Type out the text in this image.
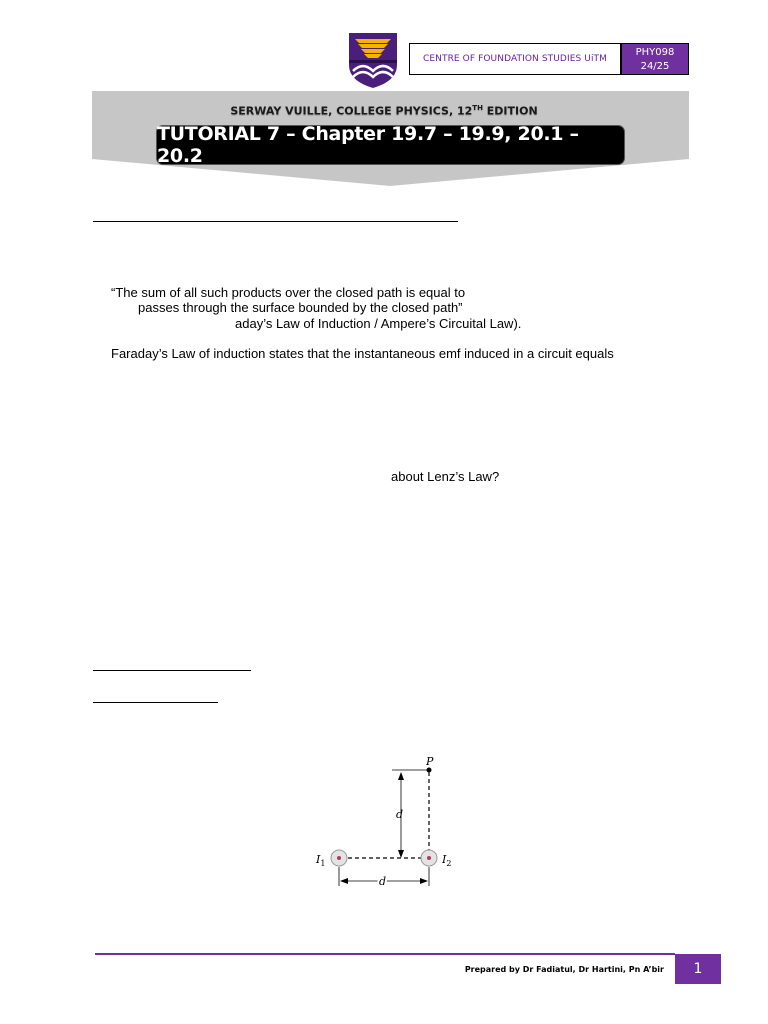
CENTRE OF FOUNDATION STUDIES UiTM
PHY098
24/25
SERWAY VUILLE, COLLEGE PHYSICS, 12TH EDITION
TUTORIAL 7 – Chapter 19.7 – 19.9, 20.1 – 20.2
“The sum of all such products over the closed path is equal to
passes through the surface bounded by the closed path”
aday’s Law of Induction / Ampere’s Circuital Law).
Faraday’s Law of induction states that the instantaneous emf induced in a circuit equals
about Lenz’s Law?
P
d
d
$I_1$	$I_2$
Prepared by Dr Fadiatul, Dr Hartini, Pn A’bir	1
